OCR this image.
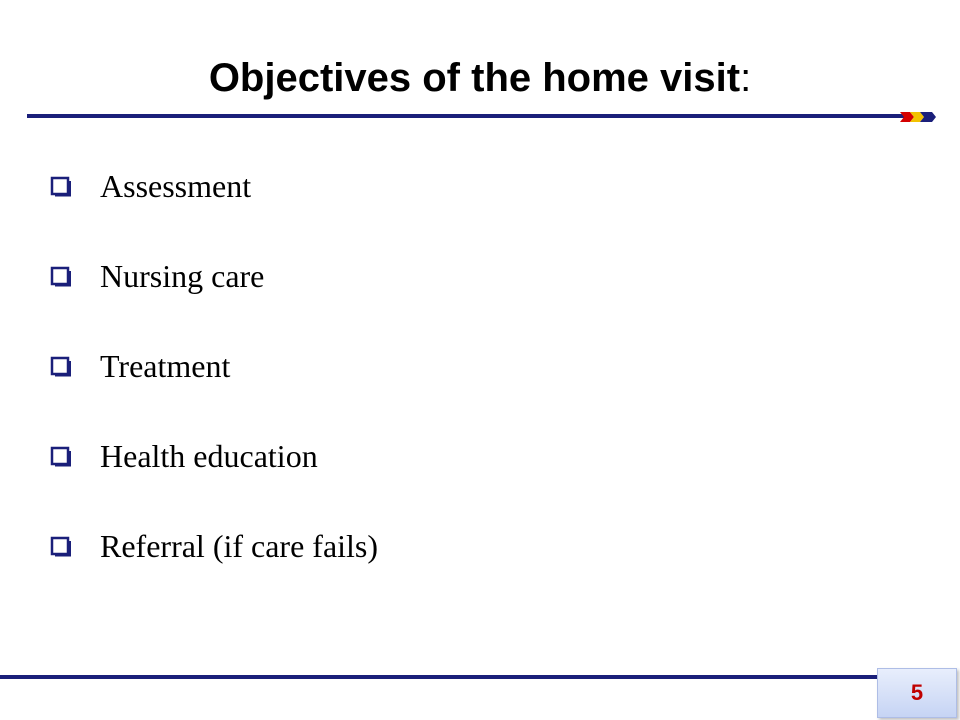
Objectives of the home visit:
Assessment
Nursing care
Treatment
Health education
Referral (if care fails)
5
